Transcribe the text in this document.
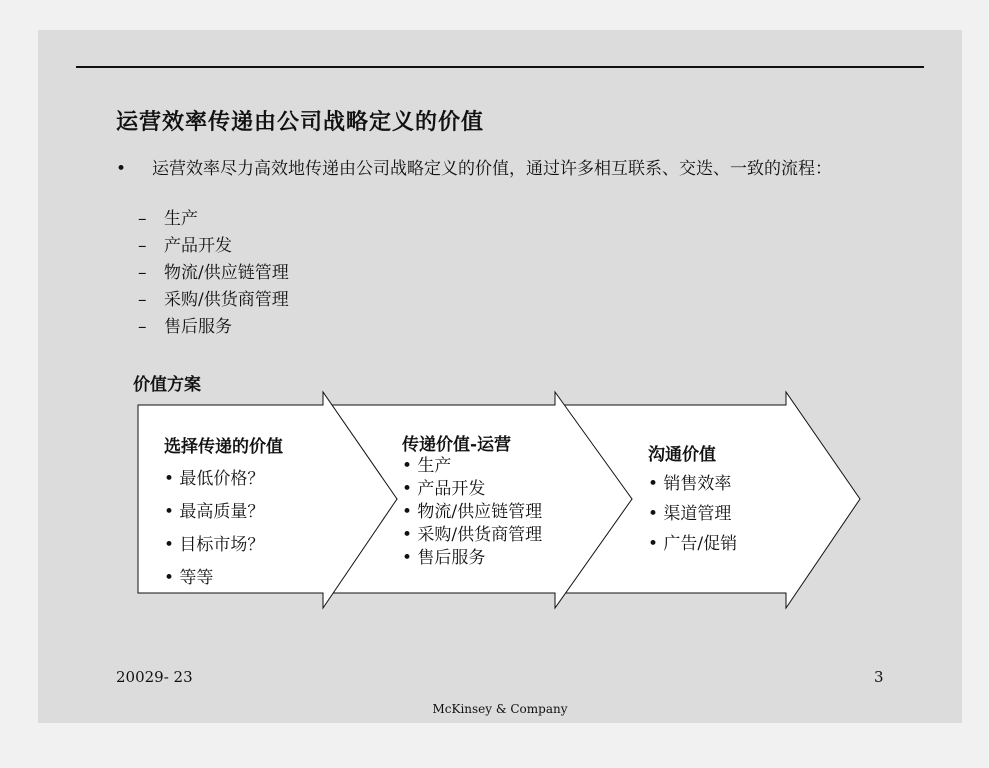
运营效率传递由公司战略定义的价值
• 运营效率尽力高效地传递由公司战略定义的价值，通过许多相互联系、交迭、一致的流程：
– 生产
– 产品开发
– 物流/供应链管理
– 采购/供货商管理
– 售后服务
价值方案
选择传递的价值
• 最低价格？
• 最高质量？
• 目标市场？
• 等等
传递价值-运营
• 生产
• 产品开发
• 物流/供应链管理
• 采购/供货商管理
• 售后服务
沟通价值
• 销售效率
• 渠道管理
• 广告/促销
20029- 23	3
McKinsey & Company
